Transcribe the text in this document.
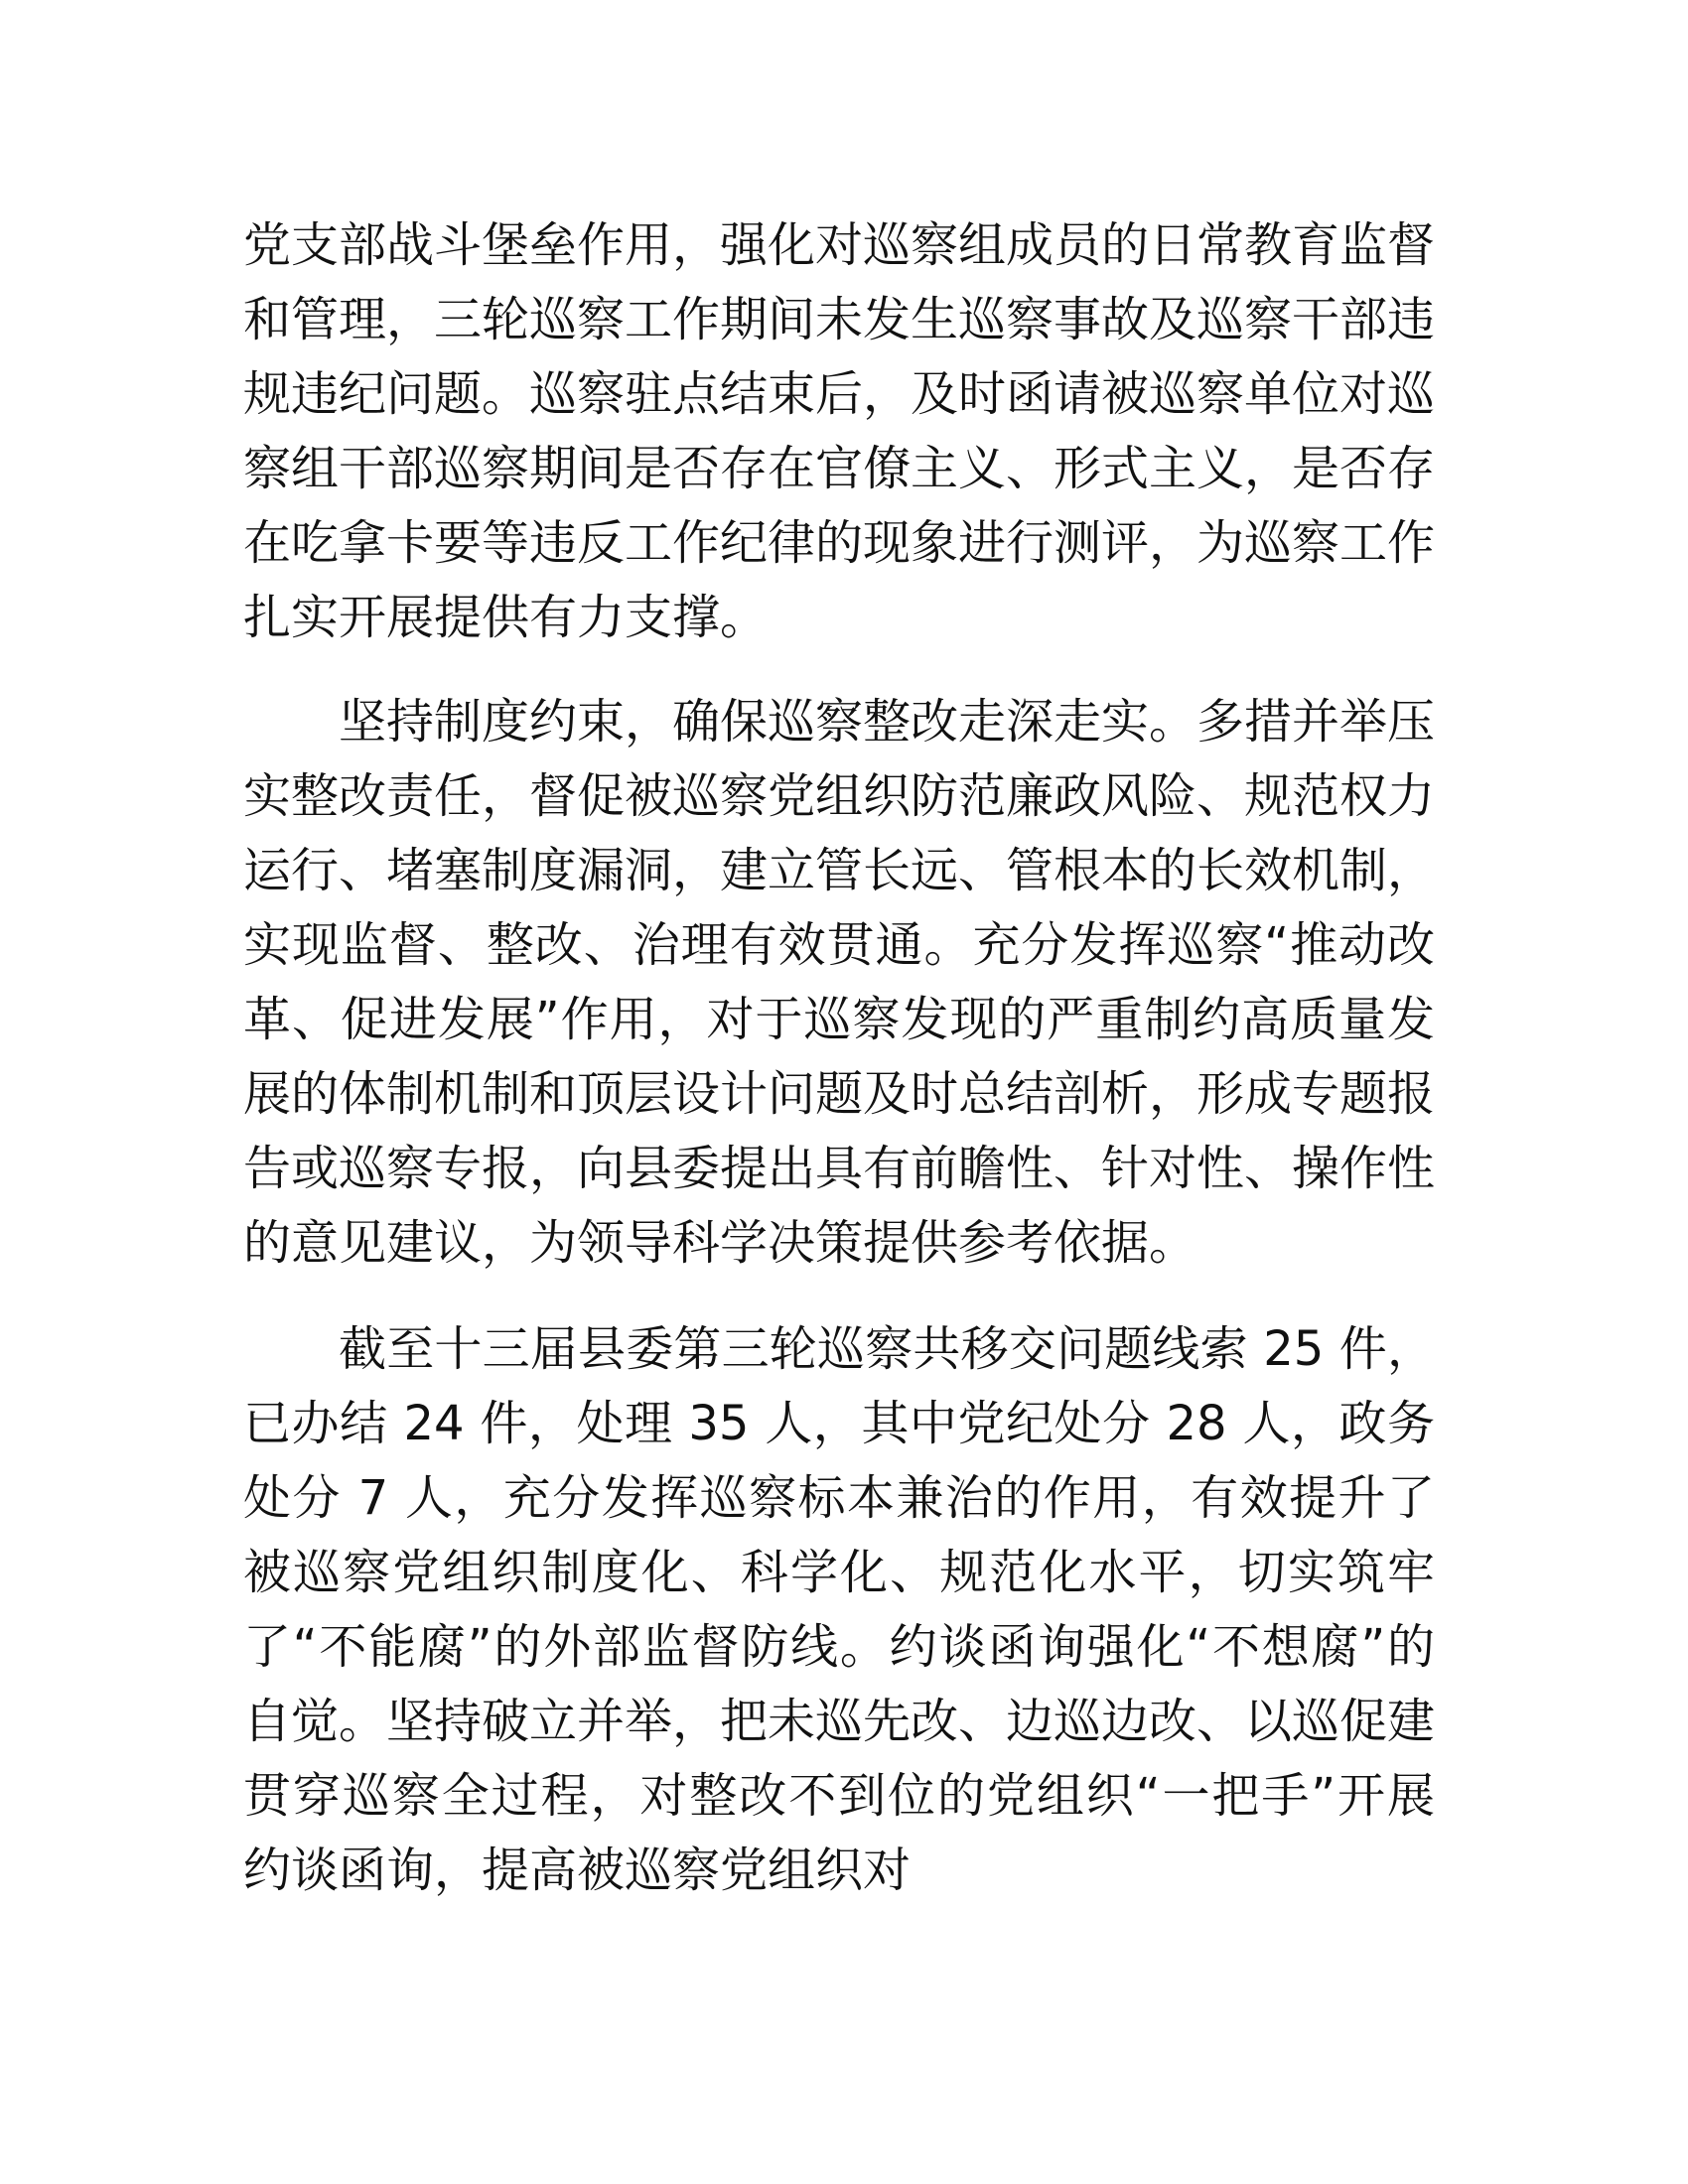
党支部战斗堡垒作用，强化对巡察组成员的日常教育监督和管理，三轮巡察工作期间未发生巡察事故及巡察干部违规违纪问题。巡察驻点结束后，及时函请被巡察单位对巡察组干部巡察期间是否存在官僚主义、形式主义，是否存在吃拿卡要等违反工作纪律的现象进行测评，为巡察工作扎实开展提供有力支撑。

坚持制度约束，确保巡察整改走深走实。多措并举压实整改责任，督促被巡察党组织防范廉政风险、规范权力运行、堵塞制度漏洞，建立管长远、管根本的长效机制，实现监督、整改、治理有效贯通。充分发挥巡察“推动改革、促进发展”作用，对于巡察发现的严重制约高质量发展的体制机制和顶层设计问题及时总结剖析，形成专题报告或巡察专报，向县委提出具有前瞻性、针对性、操作性的意见建议，为领导科学决策提供参考依据。

截至十三届县委第三轮巡察共移交问题线索 25 件，已办结 24 件，处理 35 人，其中党纪处分 28 人，政务处分 7 人，充分发挥巡察标本兼治的作用，有效提升了被巡察党组织制度化、科学化、规范化水平，切实筑牢了“不能腐”的外部监督防线。约谈函询强化“不想腐”的自觉。坚持破立并举，把未巡先改、边巡边改、以巡促建贯穿巡察全过程，对整改不到位的党组织“一把手”开展约谈函询，提高被巡察党组织对
